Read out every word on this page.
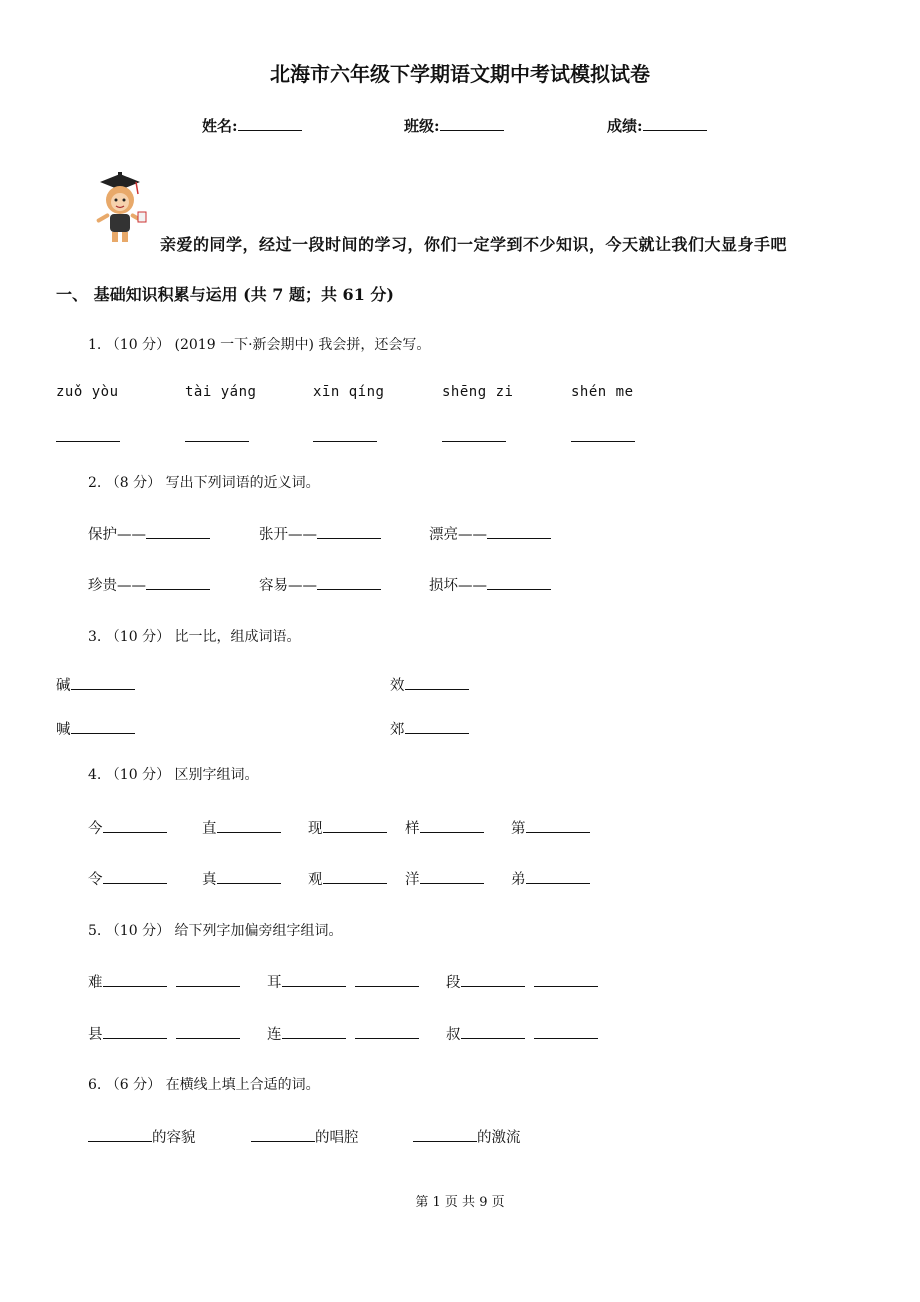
北海市六年级下学期语文期中考试模拟试卷
姓名:	班级:	成绩:
亲爱的同学，经过一段时间的学习，你们一定学到不少知识，今天就让我们大显身手吧
一、 基础知识积累与运用 (共 7 题；共 61 分)
1. （10 分） (2019 一下·新会期中) 我会拼，还会写。
zuǒ yòu	tài yáng	xīn qíng	shēng zi	shén me
2. （8 分） 写出下列词语的近义词。
保护——	张开——	漂亮——
珍贵——	容易——	损坏——
3. （10 分） 比一比，组成词语。
碱	效
喊	郊
4. （10 分） 区别字组词。
今	直	现	样	第
令	真	观	洋	弟
5. （10 分） 给下列字加偏旁组字组词。
难	耳	段
县	连	叔
6. （6 分） 在横线上填上合适的词。
的容貌	的唱腔	的激流
第 1 页 共 9 页
